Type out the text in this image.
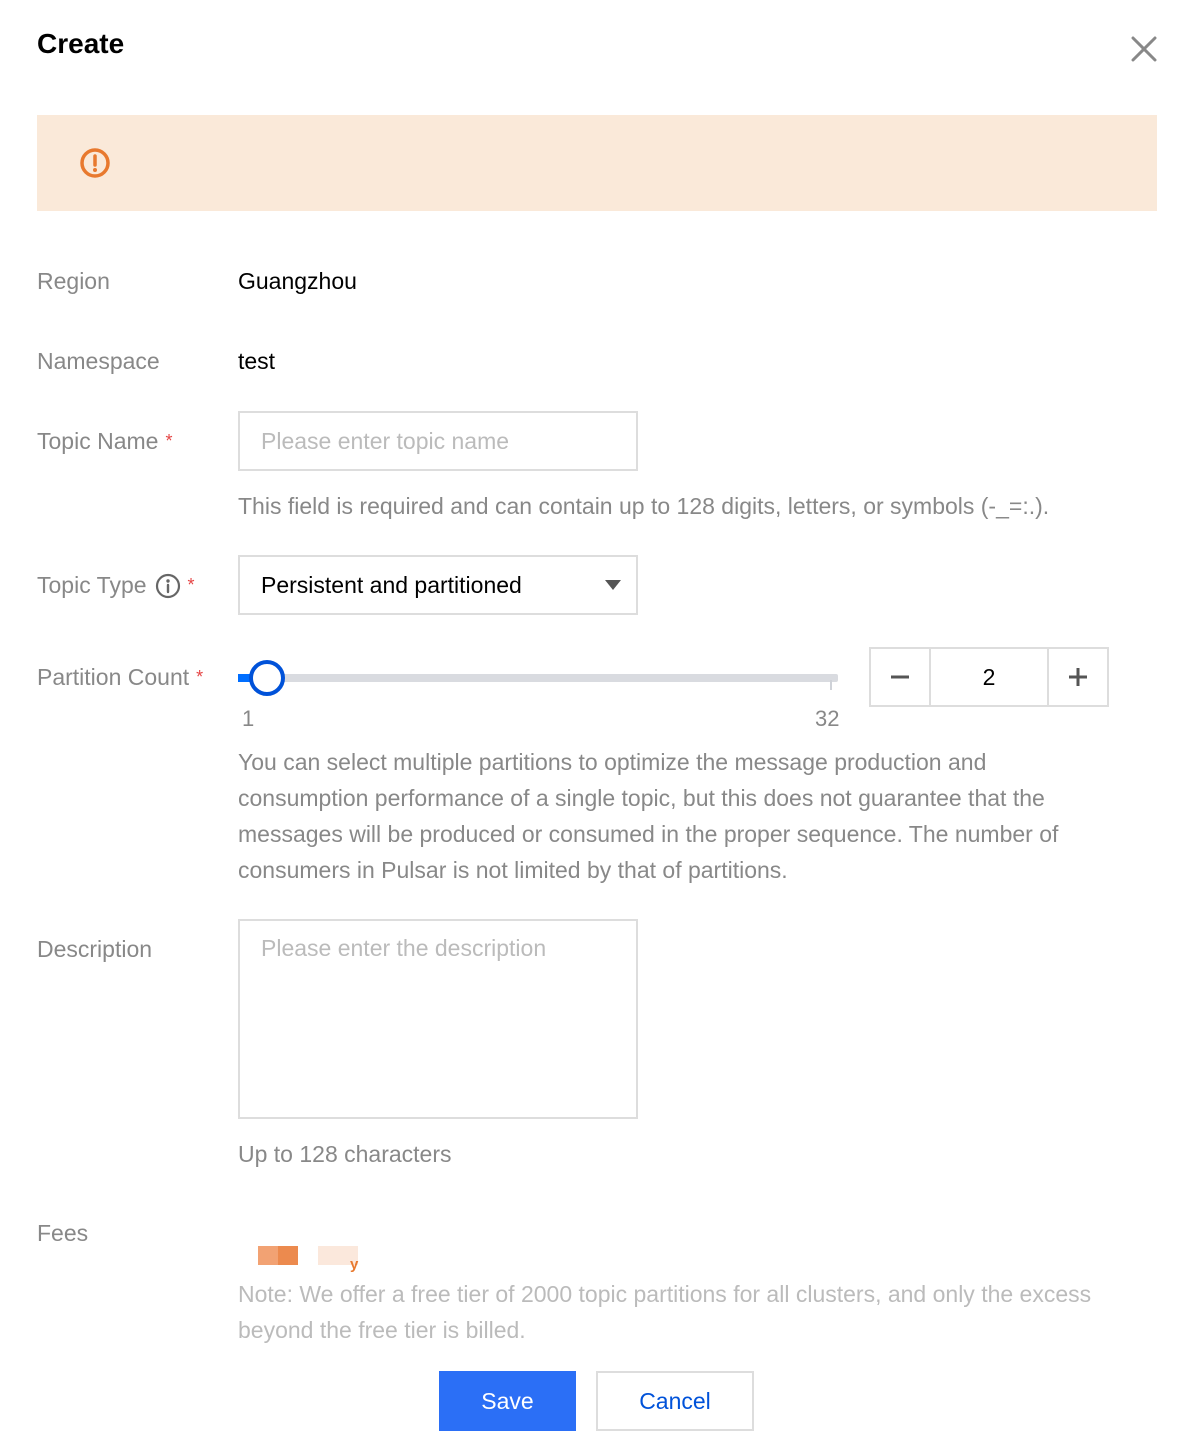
Create
Region	Guangzhou
Namespace	test
Topic Name *
Please enter topic name
This field is required and can contain up to 128 digits, letters, or symbols (-_=:.).
Topic Type *	Persistent and partitioned
Partition Count *
1	32
2
You can select multiple partitions to optimize the message production and consumption performance of a single topic, but this does not guarantee that the messages will be produced or consumed in the proper sequence. The number of consumers in Pulsar is not limited by that of partitions.
Description
Please enter the description
Up to 128 characters
Fees
y
Note: We offer a free tier of 2000 topic partitions for all clusters, and only the excess beyond the free tier is billed.
Save	Cancel
